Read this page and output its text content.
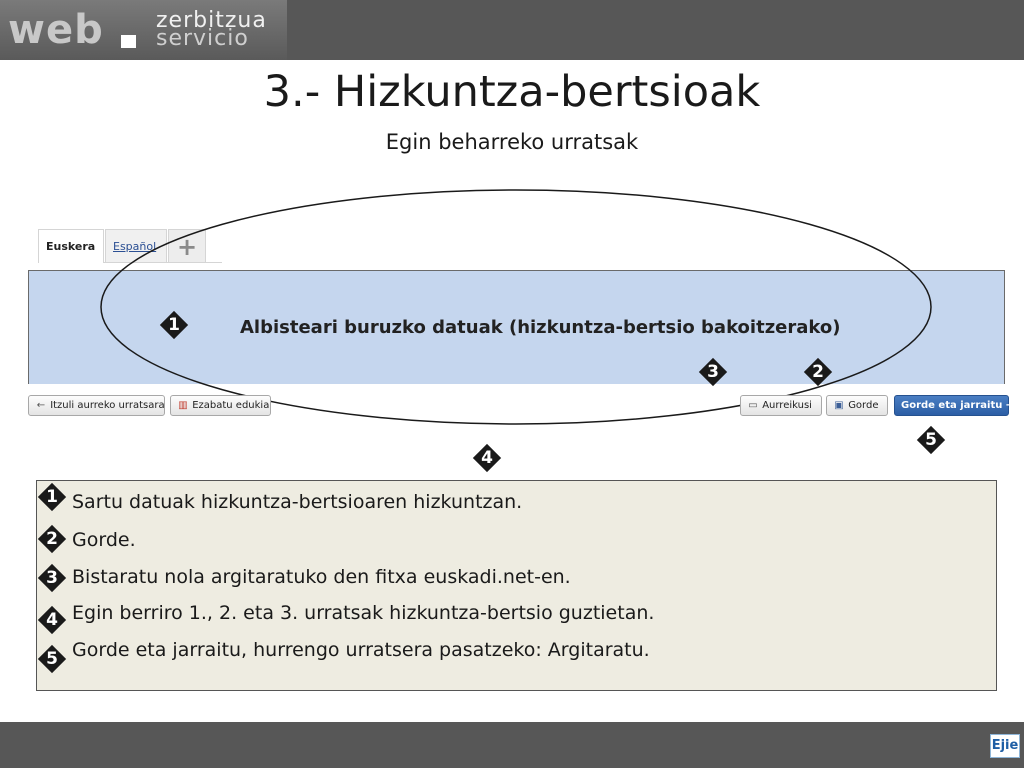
web zerbitzua
servicio
3.- Hizkuntza-bertsioak
Egin beharreko urratsak
Euskera	Español +
Albisteari buruzko datuak (hizkuntza-bertsio bakoitzerako)
← Itzuli aurreko urratsara	▥ Ezabatu edukia	▭ Aurreikusi	▣ Gorde	Gorde eta jarraitu →
1
3	2
5
4
1 Sartu datuak hizkuntza-bertsioaren hizkuntzan.
2 Gorde.
3 Bistaratu nola argitaratuko den fitxa euskadi.net-en.
4 Egin berriro 1., 2. eta 3. urratsak hizkuntza-bertsio guztietan.
5 Gorde eta jarraitu, hurrengo urratsera pasatzeko: Argitaratu.
Ejie
